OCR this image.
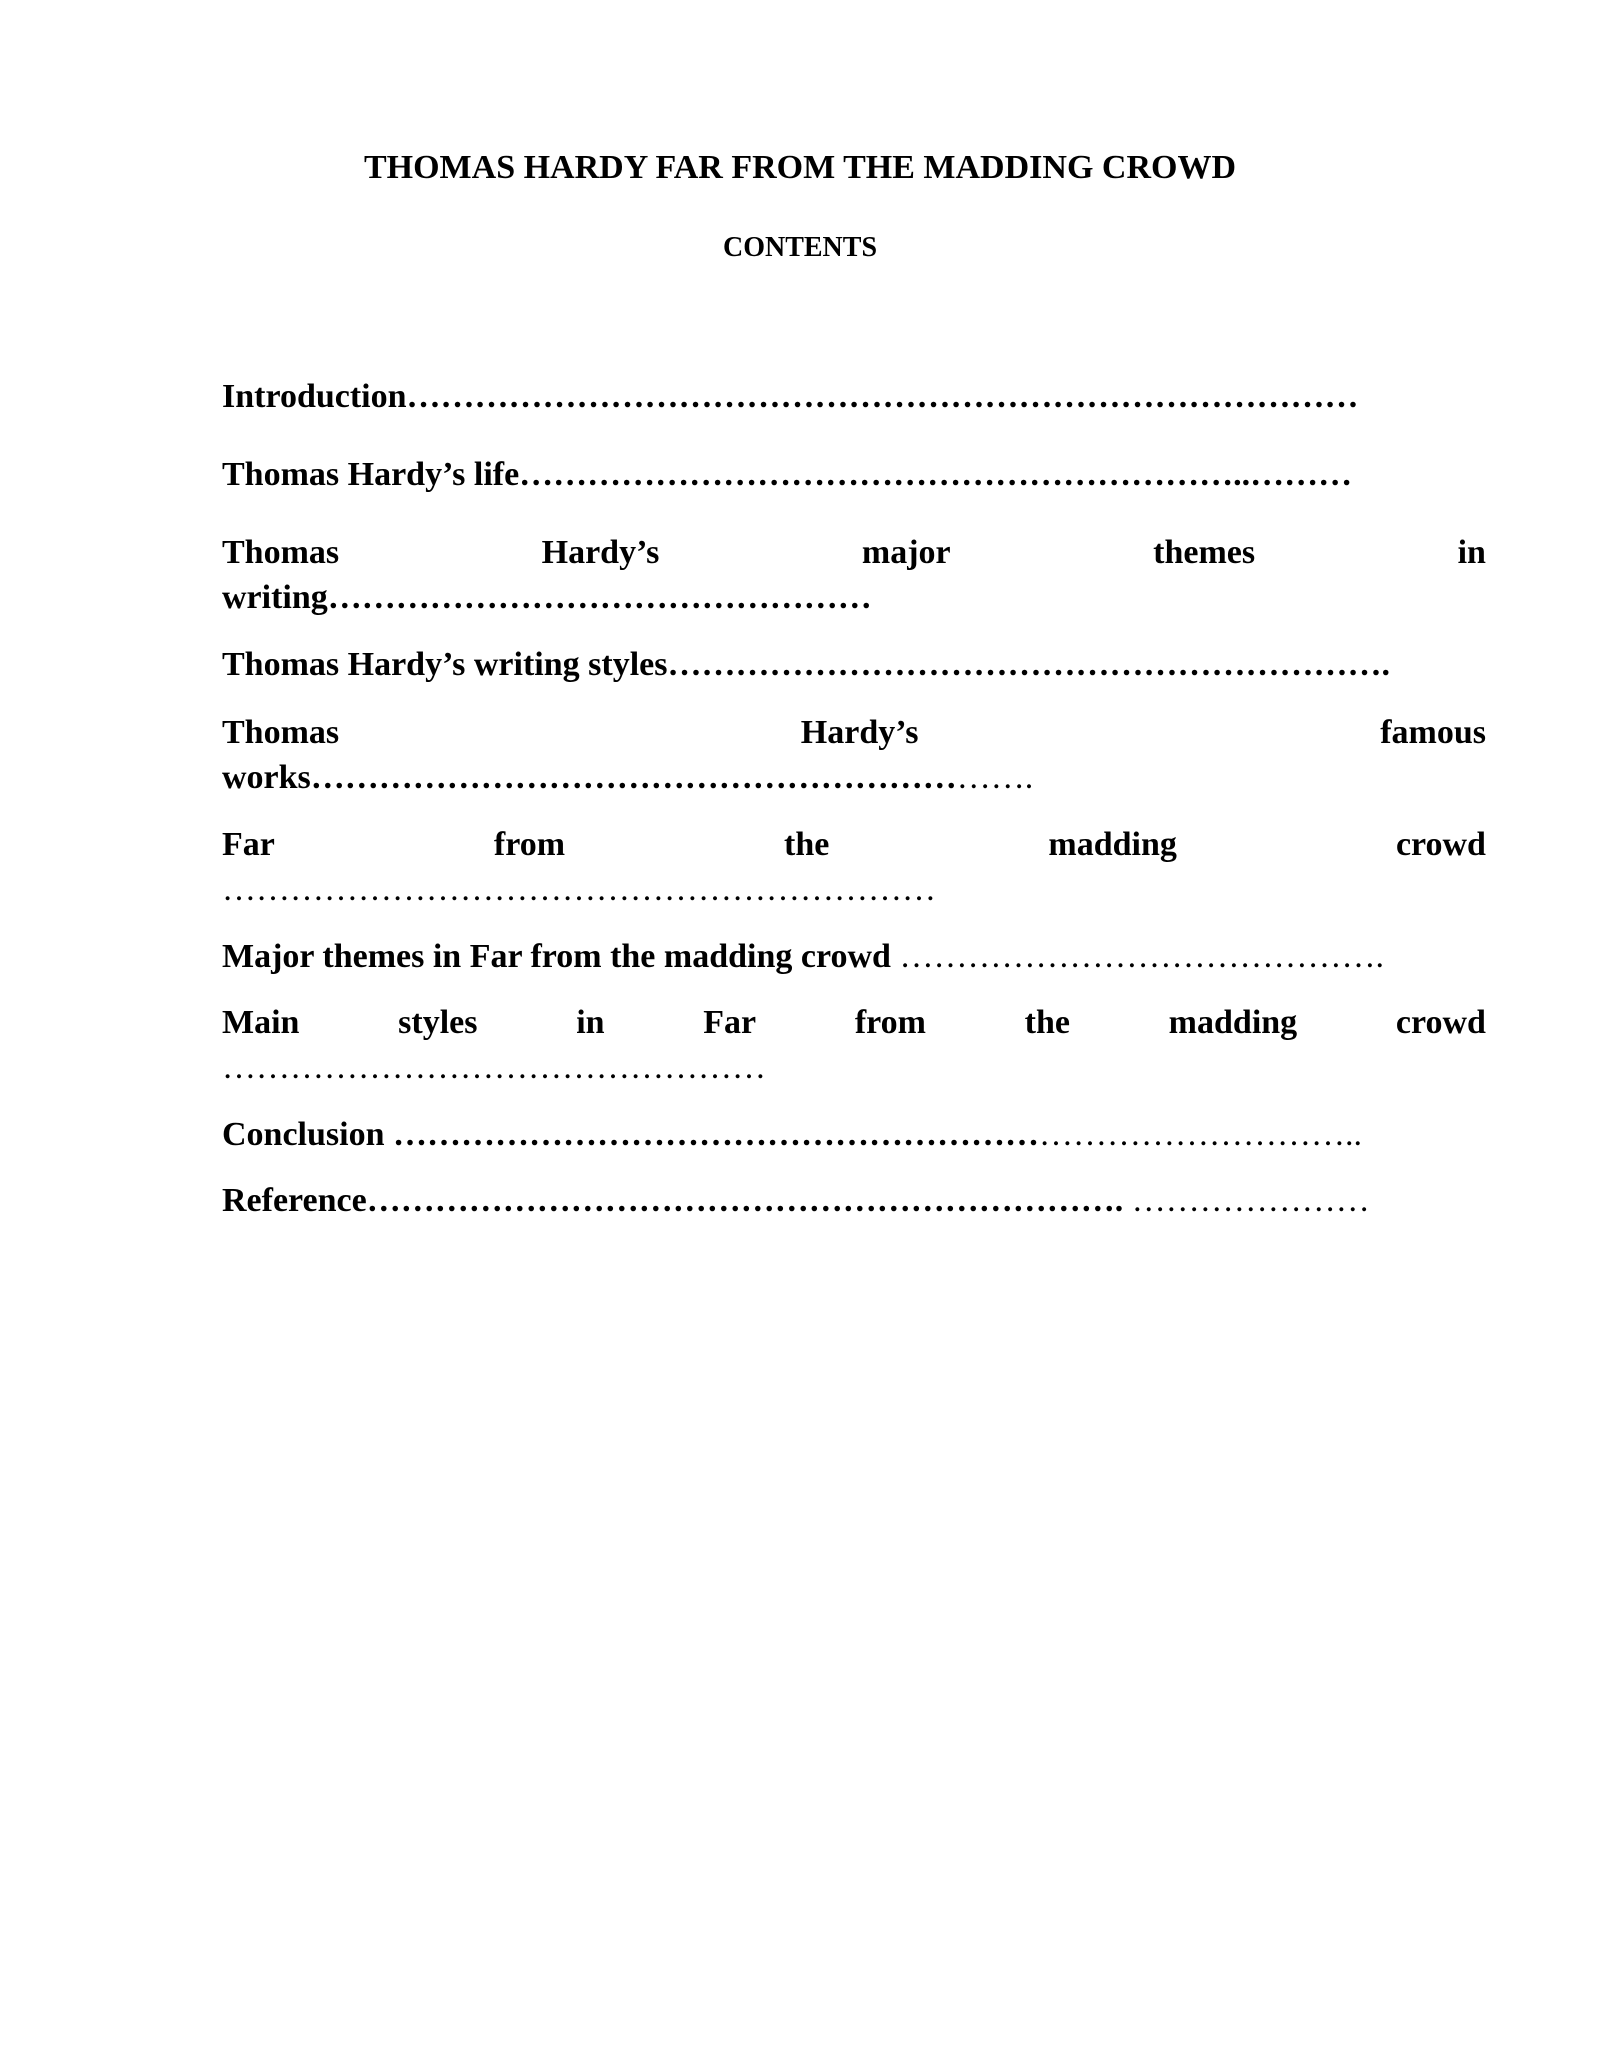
THOMAS HARDY FAR FROM THE MADDING CROWD
CONTENTS
Introduction…………………………………………………………………………
Thomas Hardy’s life………………………………………………………..………
Thomas	Hardy’s	major	themes	in
writing…………………………………………
Thomas Hardy’s writing styles……………………………………………………….
Thomas	Hardy’s	famous
works……………………………………………………….
Far	from	the	madding	crowd
………………………………………………………
Major themes in Far from the madding crowd …………………………………….
Main	styles	in	Far	from	the	madding	crowd
…………………………………………
Conclusion …………………………………………………………………………..
Reference…………………………………………………………. …………………
